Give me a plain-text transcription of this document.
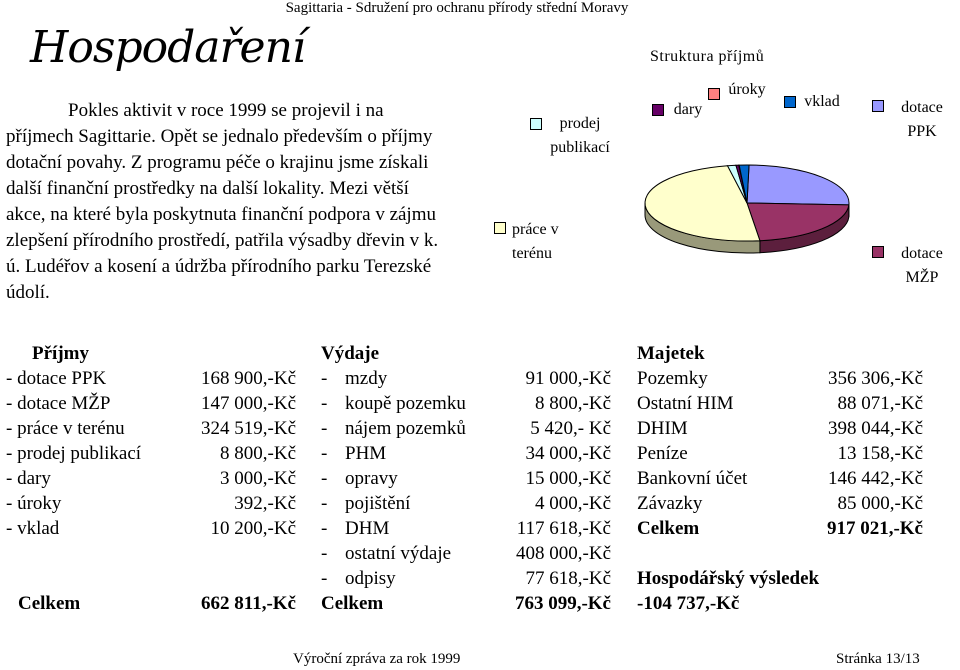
Sagittaria - Sdružení pro ochranu přírody střední Moravy
Hospodaření
Pokles aktivit v roce 1999 se projevil i na příjmech Sagittarie. Opět se jednalo především o příjmy dotační povahy. Z programu péče o krajinu jsme získali další finanční prostředky na další lokality. Mezi větší akce, na které byla poskytnuta finanční podpora v zájmu zlepšení přírodního prostředí, patřila výsadby dřevin v k. ú. Ludéřov a kosení a údržba přírodního parku Terezské údolí.
Struktura příjmů
dotace
PPK
dotace
MŽP
práce v
terénu
prodej
publikací
dary
úroky
vklad
Příjmy
- dotace PPK	168 900,-Kč
- dotace MŽP	147 000,-Kč
- práce v terénu	324 519,-Kč
- prodej publikací	8 800,-Kč
- dary	3 000,-Kč
- úroky	392,-Kč
- vklad	10 200,-Kč
Celkem	662 811,-Kč
Výdaje
- mzdy	91 000,-Kč
- koupě pozemku	8 800,-Kč
- nájem pozemků	5 420,- Kč
- PHM	34 000,-Kč
- opravy	15 000,-Kč
- pojištění	4 000,-Kč
- DHM	117 618,-Kč
- ostatní výdaje	408 000,-Kč
- odpisy	77 618,-Kč
Celkem	763 099,-Kč
Majetek
Pozemky	356 306,-Kč
Ostatní HIM	88 071,-Kč
DHIM	398 044,-Kč
Peníze	13 158,-Kč
Bankovní účet	146 442,-Kč
Závazky	85 000,-Kč
Celkem	917 021,-Kč
Hospodářský výsledek
-104 737,-Kč
Výroční zpráva za rok 1999	Stránka 13/13
